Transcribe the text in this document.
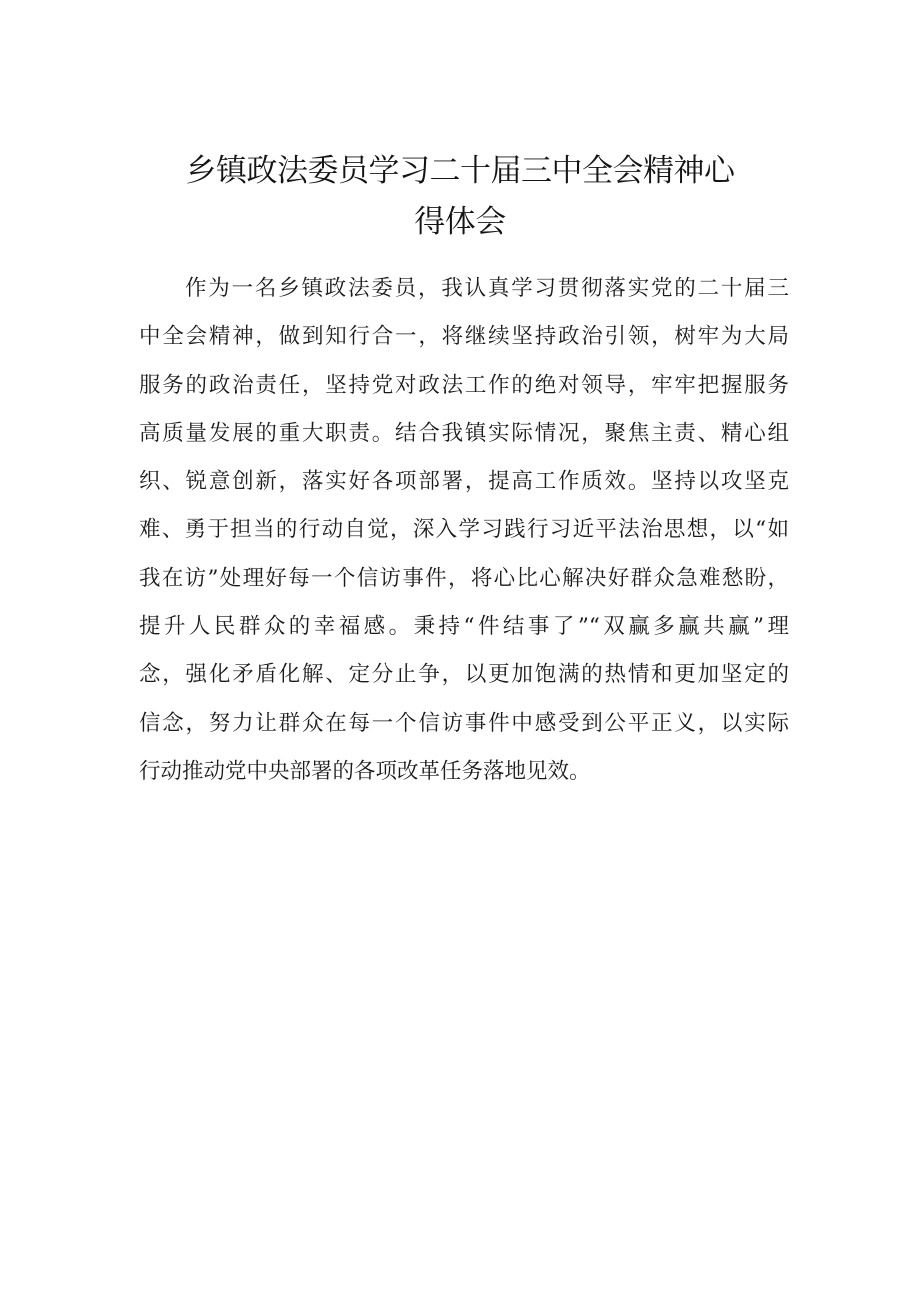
乡镇政法委员学习二十届三中全会精神心
得体会
作为一名乡镇政法委员，我认真学习贯彻落实党的二十届三
中全会精神，做到知行合一，将继续坚持政治引领，树牢为大局
服务的政治责任，坚持党对政法工作的绝对领导，牢牢把握服务
高质量发展的重大职责。结合我镇实际情况，聚焦主责、精心组
织、锐意创新，落实好各项部署，提高工作质效。坚持以攻坚克
难、勇于担当的行动自觉，深入学习践行习近平法治思想，以“如
我在访”处理好每一个信访事件，将心比心解决好群众急难愁盼，
提升人民群众的幸福感。秉持“件结事了”“双赢多赢共赢”理
念，强化矛盾化解、定分止争，以更加饱满的热情和更加坚定的
信念，努力让群众在每一个信访事件中感受到公平正义，以实际
行动推动党中央部署的各项改革任务落地见效。
